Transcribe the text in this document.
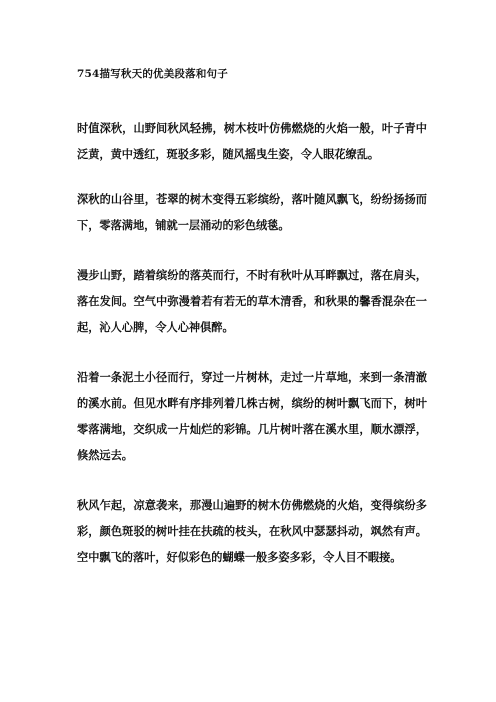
754描写秋天的优美段落和句子

时值深秋，山野间秋风轻拂，树木枝叶仿佛燃烧的火焰一般，叶子青中泛黄，黄中透红，斑驳多彩，随风摇曳生姿，令人眼花缭乱。

深秋的山谷里，苍翠的树木变得五彩缤纷，落叶随风飘飞，纷纷扬扬而下，零落满地，铺就一层涌动的彩色绒毯。

漫步山野，踏着缤纷的落英而行，不时有秋叶从耳畔飘过，落在肩头，落在发间。空气中弥漫着若有若无的草木清香，和秋果的馨香混杂在一起，沁人心脾，令人心神俱醉。

沿着一条泥土小径而行，穿过一片树林，走过一片草地，来到一条清澈的溪水前。但见水畔有序排列着几株古树，缤纷的树叶飘飞而下，树叶零落满地，交织成一片灿烂的彩锦。几片树叶落在溪水里，顺水漂浮，倏然远去。

秋风乍起，凉意袭来，那漫山遍野的树木仿佛燃烧的火焰，变得缤纷多彩，颜色斑驳的树叶挂在扶疏的枝头，在秋风中瑟瑟抖动，飒然有声。空中飘飞的落叶，好似彩色的蝴蝶一般多姿多彩，令人目不暇接。
